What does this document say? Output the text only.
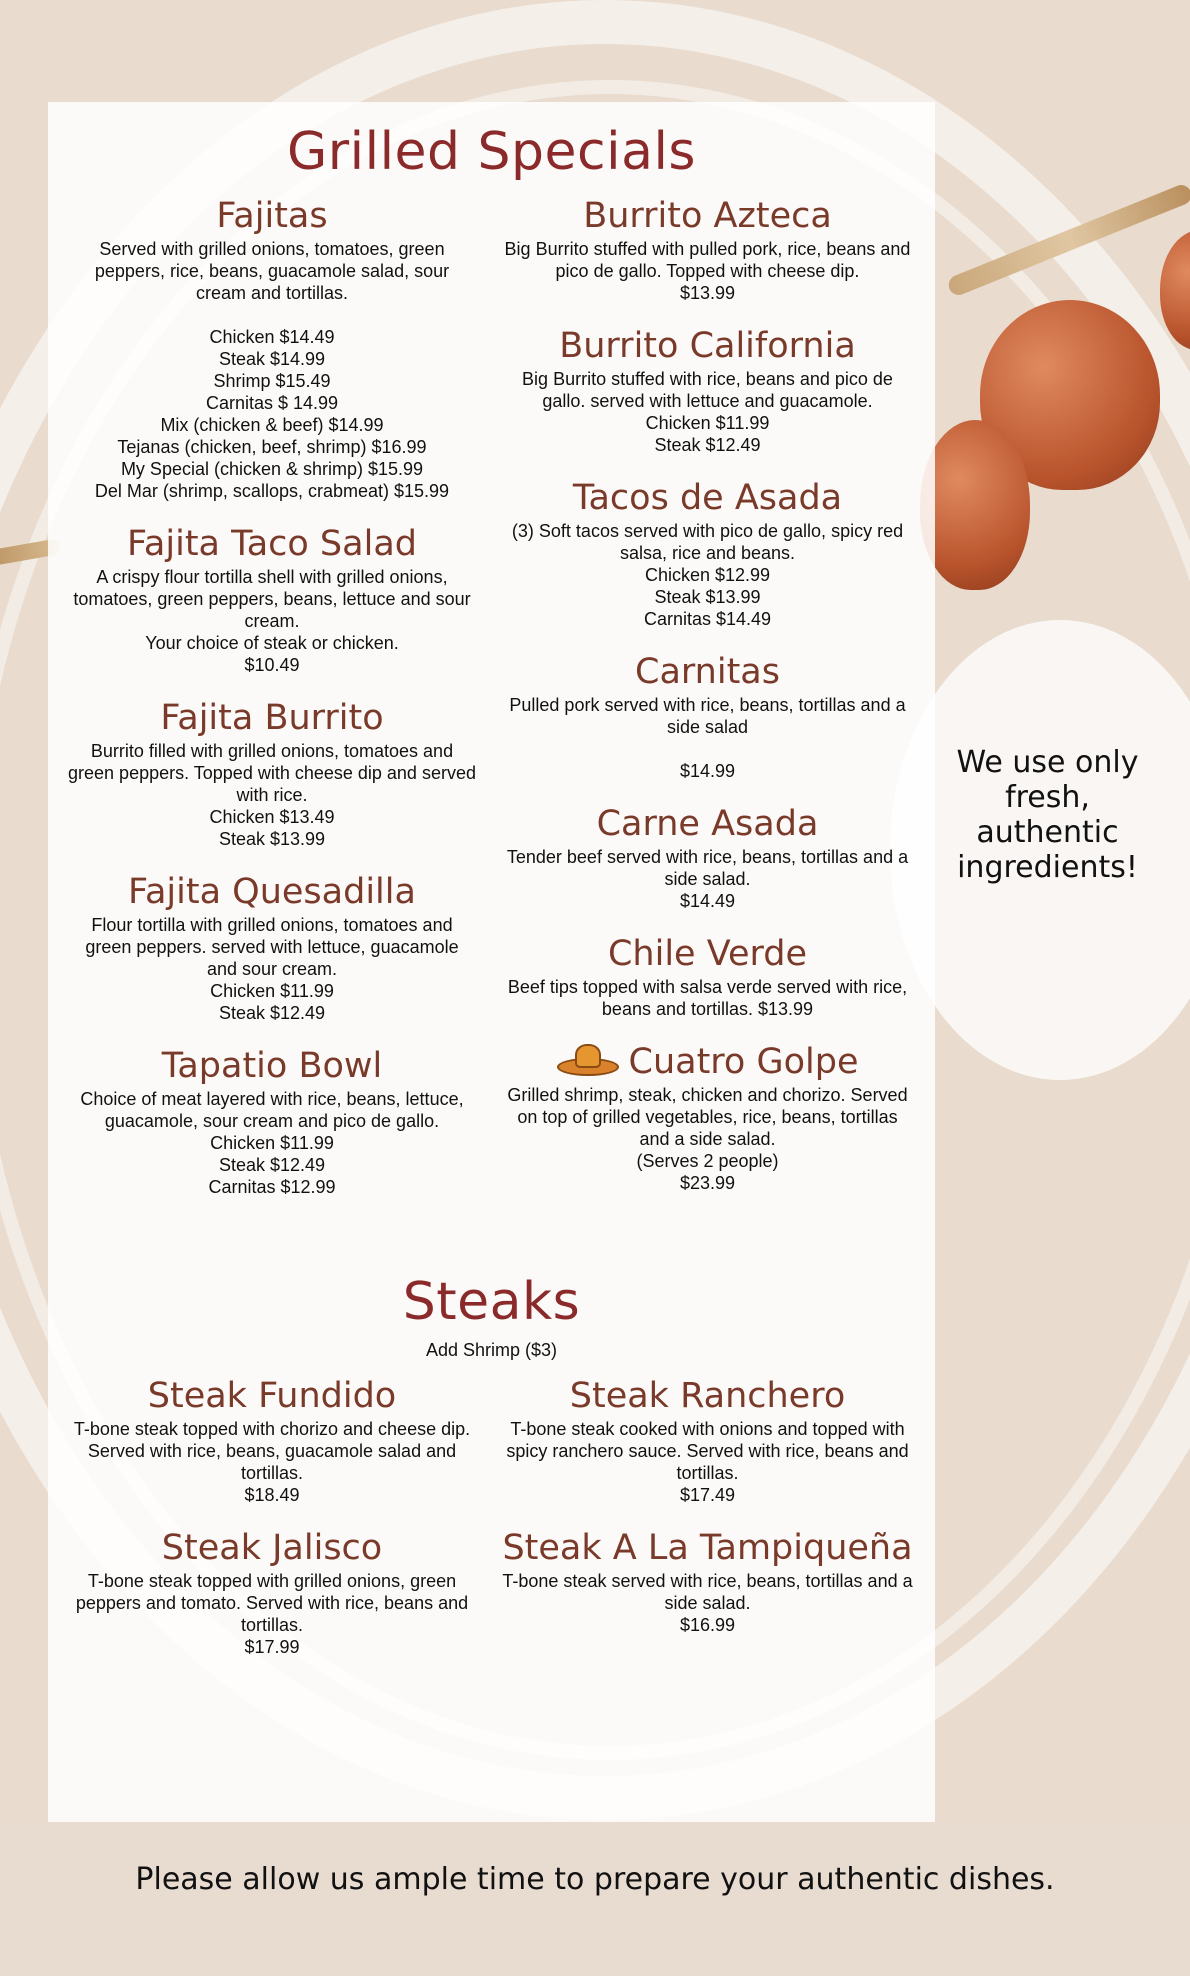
Grilled Specials
Fajitas
Served with grilled onions, tomatoes, green peppers, rice, beans, guacamole salad, sour cream and tortillas.
Chicken $14.49
Steak $14.99
Shrimp $15.49
Carnitas $ 14.99
Mix (chicken & beef) $14.99
Tejanas (chicken, beef, shrimp) $16.99
My Special (chicken & shrimp) $15.99
Del Mar (shrimp, scallops, crabmeat) $15.99
Fajita Taco Salad
A crispy flour tortilla shell with grilled onions, tomatoes, green peppers, beans, lettuce and sour cream.
Your choice of steak or chicken.
$10.49
Fajita Burrito
Burrito filled with grilled onions, tomatoes and green peppers. Topped with cheese dip and served with rice.
Chicken $13.49
Steak $13.99
Fajita Quesadilla
Flour tortilla with grilled onions, tomatoes and green peppers. served with lettuce, guacamole and sour cream.
Chicken $11.99
Steak $12.49
Tapatio Bowl
Choice of meat layered with rice, beans, lettuce, guacamole, sour cream and pico de gallo.
Chicken $11.99
Steak $12.49
Carnitas $12.99
Burrito Azteca
Big Burrito stuffed with pulled pork, rice, beans and pico de gallo. Topped with cheese dip.
$13.99
Burrito California
Big Burrito stuffed with rice, beans and pico de gallo. served with lettuce and guacamole.
Chicken $11.99
Steak $12.49
Tacos de Asada
(3) Soft tacos served with pico de gallo, spicy red salsa, rice and beans.
Chicken $12.99
Steak $13.99
Carnitas $14.49
Carnitas
Pulled pork served with rice, beans, tortillas and a side salad
$14.99
Carne Asada
Tender beef served with rice, beans, tortillas and a side salad.
$14.49
Chile Verde
Beef tips topped with salsa verde served with rice, beans and tortillas. $13.99
Cuatro Golpe
Grilled shrimp, steak, chicken and chorizo. Served on top of grilled vegetables, rice, beans, tortillas and a side salad.
(Serves 2 people)
$23.99
Steaks
Add Shrimp ($3)
Steak Fundido
T-bone steak topped with chorizo and cheese dip. Served with rice, beans, guacamole salad and tortillas.
$18.49
Steak Jalisco
T-bone steak topped with grilled onions, green peppers and tomato. Served with rice, beans and tortillas.
$17.99
Steak Ranchero
T-bone steak cooked with onions and topped with spicy ranchero sauce. Served with rice, beans and tortillas.
$17.49
Steak A La Tampiqueña
T-bone steak served with rice, beans, tortillas and a side salad.
$16.99
We use only fresh, authentic ingredients!
Please allow us ample time to prepare your authentic dishes.
